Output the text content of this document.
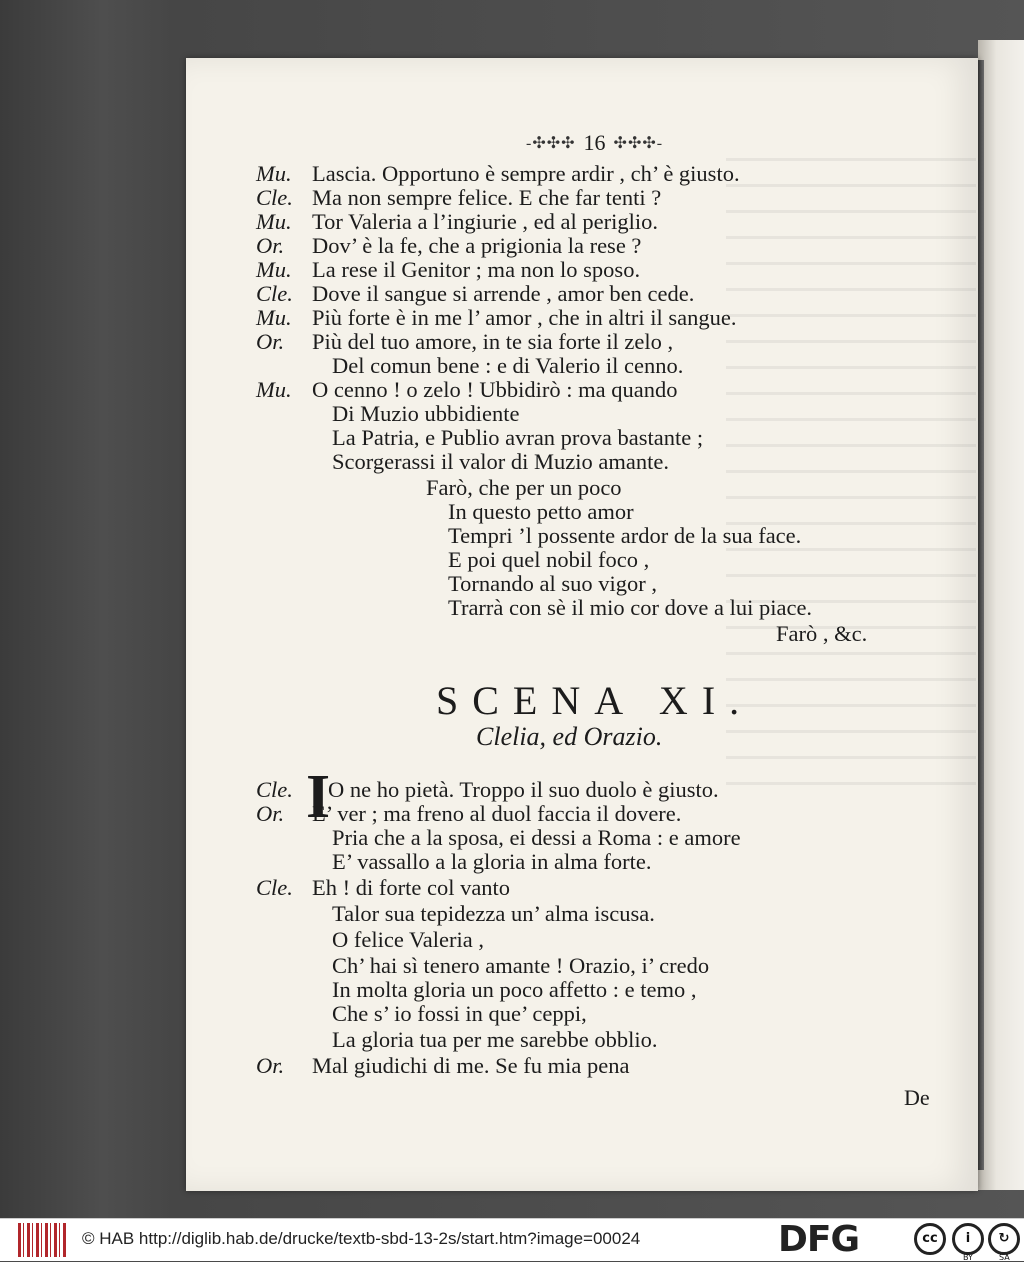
-✣✣✣ 16 ✣✣✣-
Mu. Lascia. Opportuno è sempre ardir , ch’ è giusto.
Cle. Ma non sempre felice. E che far tenti ?
Mu. Tor Valeria a l’ingiurie , ed al periglio.
Or. Dov’ è la fe, che a prigionia la rese ?
Mu. La rese il Genitor ; ma non lo sposo.
Cle. Dove il sangue si arrende , amor ben cede.
Mu. Più forte è in me l’ amor , che in altri il sangue.
Or. Più del tuo amore, in te sia forte il zelo ,
Del comun bene : e di Valerio il cenno.
Mu. O cenno ! o zelo ! Ubbidirò : ma quando
Di Muzio ubbidiente
La Patria, e Publio avran prova bastante ;
Scorgerassi il valor di Muzio amante.
Farò, che per un poco
In questo petto amor
Tempri ’l possente ardor de la sua face.
E poi quel nobil foco ,
Tornando al suo vigor ,
Trarrà con sè il mio cor dove a lui piace.
Farò , &c.
SCENA XI.
Clelia, ed Orazio.
Cle. I
O ne ho pietà. Troppo il suo duolo è giusto.
Or. E’ ver ; ma freno al duol faccia il dovere.
Pria che a la sposa, ei dessi a Roma : e amore
E’ vassallo a la gloria in alma forte.
Cle. Eh ! di forte col vanto
Talor sua tepidezza un’ alma iscusa.
O felice Valeria ,
Ch’ hai sì tenero amante ! Orazio, i’ credo
In molta gloria un poco affetto : e temo ,
Che s’ io fossi in que’ ceppi,
La gloria tua per me sarebbe obblio.
Or. Mal giudichi di me. Se fu mia pena
De
© HAB http://diglib.hab.de/drucke/textb-sbd-13-2s/start.htm?image=00024	DFG	cc	i	↻
BY	SA
